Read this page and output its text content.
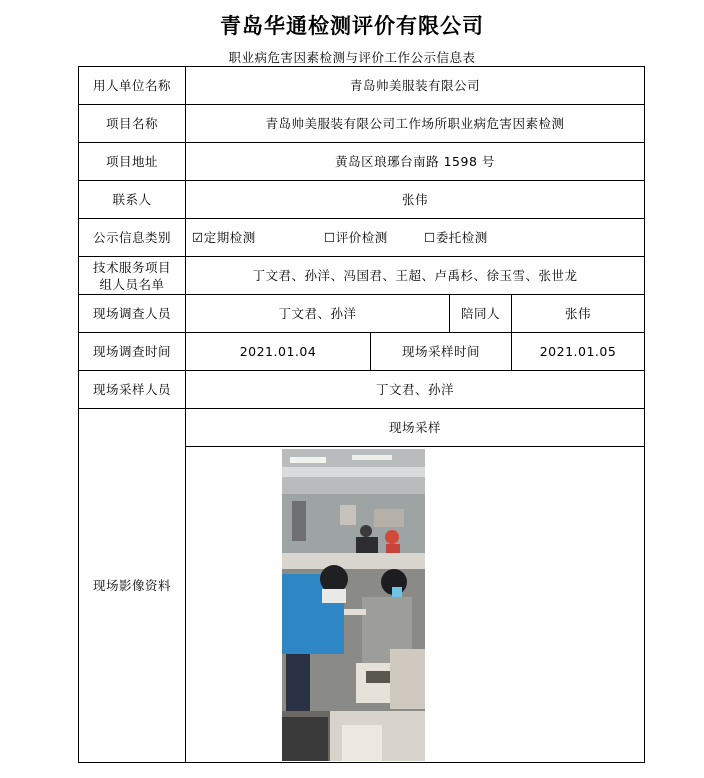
青岛华通检测评价有限公司
职业病危害因素检测与评价工作公示信息表
用人单位名称	青岛帅美服装有限公司			
项目名称	青岛帅美服装有限公司工作场所职业病危害因素检测			
项目地址	黄岛区琅琊台南路 1598 号			
联系人	张伟			
公示信息类别	☑定期检测 ☐评价检测 ☐委托检测			
技术服务项目组人员名单	丁文君、孙洋、冯国君、王超、卢禹杉、徐玉雪、张世龙			
现场调查人员	丁文君、孙洋		陪同人	张伟
现场调查时间	2021.01.04	现场采样时间		2021.01.05
现场采样人员	丁文君、孙洋			
现场影像资料	现场采样			
